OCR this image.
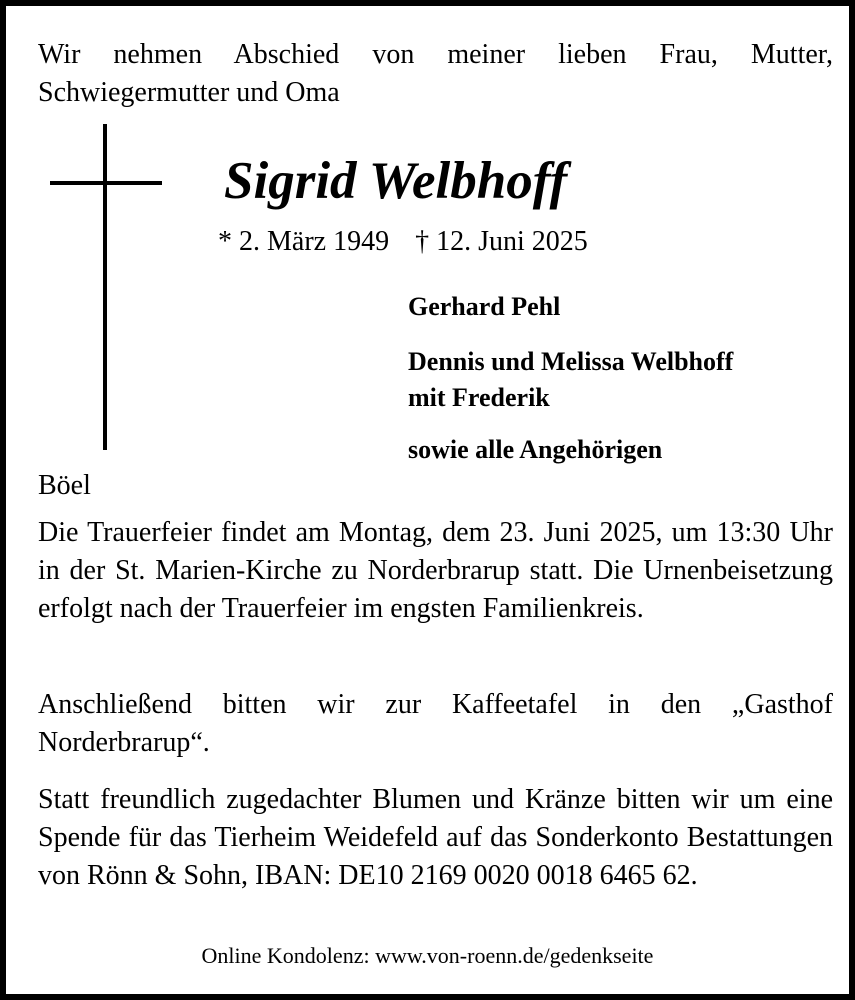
Wir nehmen Abschied von meiner lieben Frau, Mutter,
Schwiegermutter und Oma

Sigrid Welbhoff
* 2. März 1949 † 12. Juni 2025
Gerhard Pehl
Dennis und Melissa Welbhoff
mit Frederik
sowie alle Angehörigen
Böel

Die Trauerfeier findet am Montag, dem 23. Juni 2025, um 13:30 Uhr in der St. Marien-Kirche zu Norderbrarup statt. Die Urnenbeisetzung erfolgt nach der Trauerfeier im engsten Familienkreis.

Anschließend bitten wir zur Kaffeetafel in den „Gasthof Norderbrarup“.

Statt freundlich zugedachter Blumen und Kränze bitten wir um eine Spende für das Tierheim Weidefeld auf das Sonderkonto Bestattungen von Rönn & Sohn, IBAN: DE10 2169 0020 0018 6465 62.

Online Kondolenz: www.von-roenn.de/gedenkseite
